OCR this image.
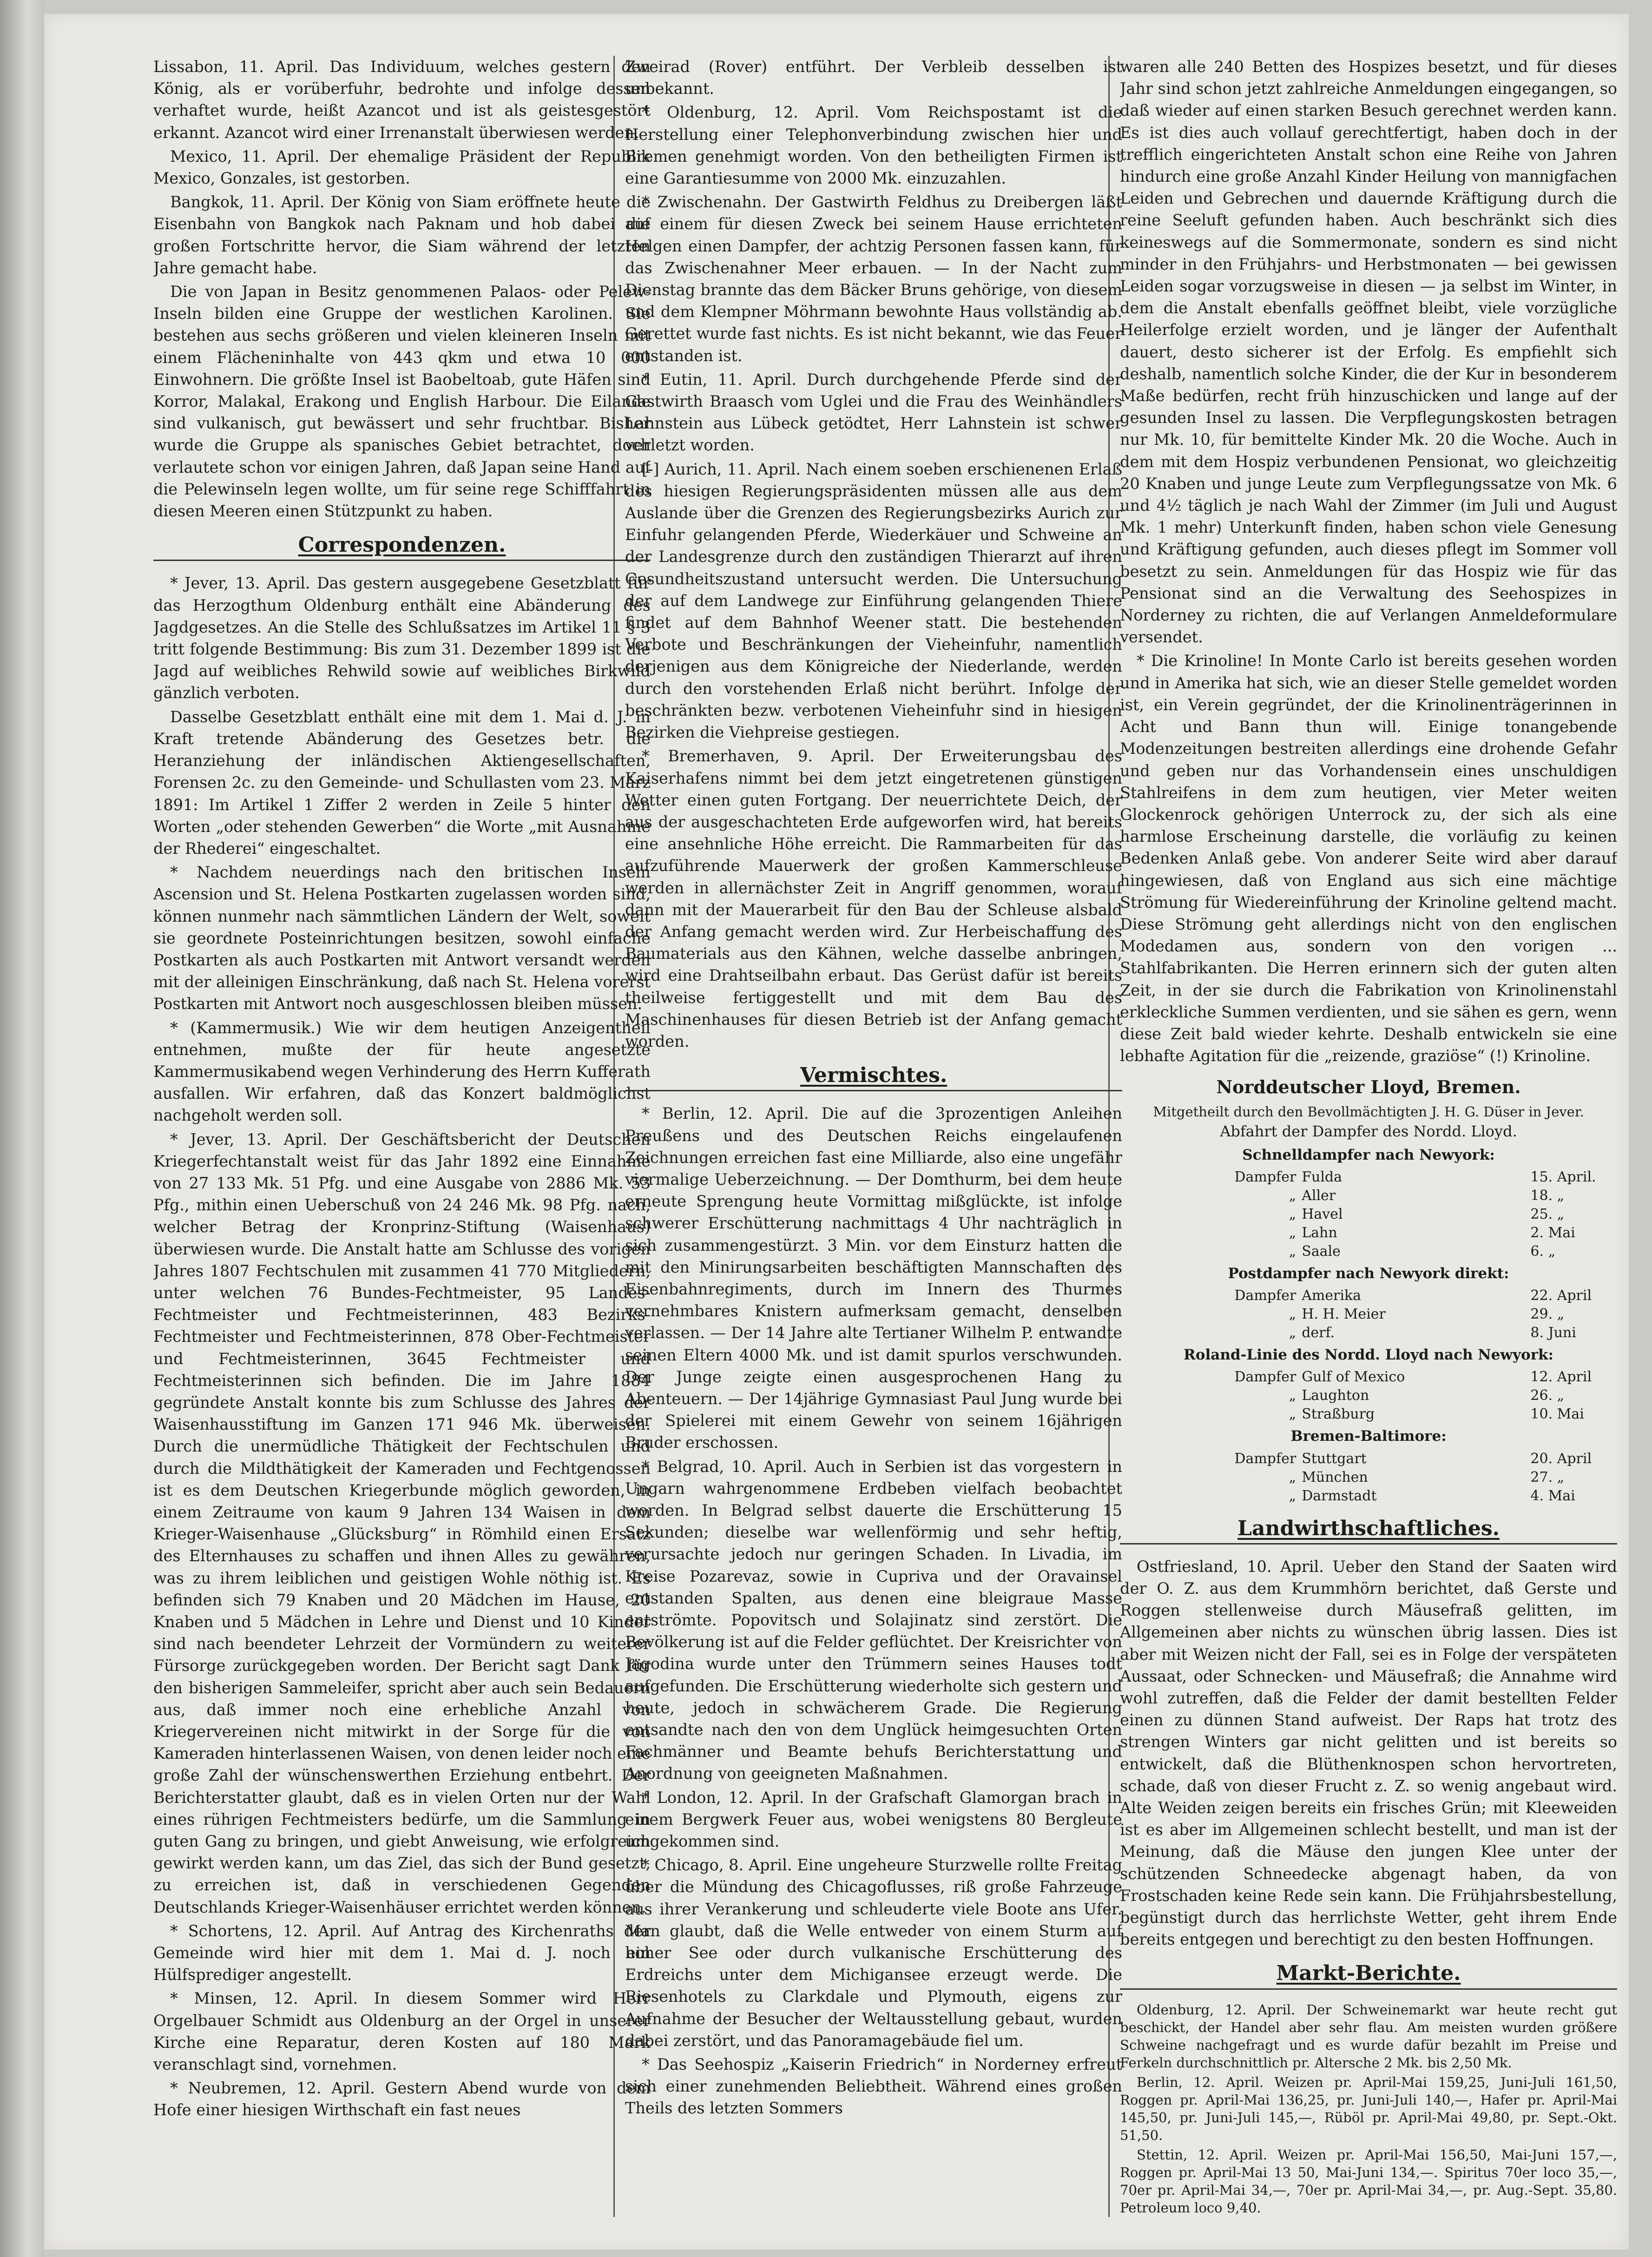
Lissabon, 11. April. Das Individuum, welches gestern den König, als er vorüberfuhr, bedrohte und infolge dessen verhaftet wurde, heißt Azancot und ist als geistesgestört erkannt. Azancot wird einer Irrenanstalt überwiesen werden.

Mexico, 11. April. Der ehemalige Präsident der Republik Mexico, Gonzales, ist gestorben.

Bangkok, 11. April. Der König von Siam eröffnete heute die Eisenbahn von Bangkok nach Paknam und hob dabei die großen Fortschritte hervor, die Siam während der letzten Jahre gemacht habe.

Die von Japan in Besitz genommenen Palaos- oder Pelew-Inseln bilden eine Gruppe der westlichen Karolinen. Sie bestehen aus sechs größeren und vielen kleineren Inseln mit einem Flächeninhalte von 443 qkm und etwa 10 000 Einwohnern. Die größte Insel ist Baobeltoab, gute Häfen sind Korror, Malakal, Erakong und English Harbour. Die Eilande sind vulkanisch, gut bewässert und sehr fruchtbar. Bisher wurde die Gruppe als spanisches Gebiet betrachtet, doch verlautete schon vor einigen Jahren, daß Japan seine Hand auf die Pelewinseln legen wollte, um für seine rege Schifffahrt in diesen Meeren einen Stützpunkt zu haben.

Correspondenzen.

* Jever, 13. April. Das gestern ausgegebene Gesetzblatt für das Herzogthum Oldenburg enthält eine Abänderung des Jagdgesetzes. An die Stelle des Schlußsatzes im Artikel 11 § 3 tritt folgende Bestimmung: Bis zum 31. Dezember 1899 ist die Jagd auf weibliches Rehwild sowie auf weibliches Birkwild gänzlich verboten.

Dasselbe Gesetzblatt enthält eine mit dem 1. Mai d. J. in Kraft tretende Abänderung des Gesetzes betr. die Heranziehung der inländischen Aktiengesellschaften, Forensen 2c. zu den Gemeinde- und Schullasten vom 23. März 1891: Im Artikel 1 Ziffer 2 werden in Zeile 5 hinter den Worten „oder stehenden Gewerben“ die Worte „mit Ausnahme der Rhederei“ eingeschaltet.

* Nachdem neuerdings nach den britischen Inseln Ascension und St. Helena Postkarten zugelassen worden sind, können nunmehr nach sämmtlichen Ländern der Welt, soweit sie geordnete Posteinrichtungen besitzen, sowohl einfache Postkarten als auch Postkarten mit Antwort versandt werden mit der alleinigen Einschränkung, daß nach St. Helena vorerst Postkarten mit Antwort noch ausgeschlossen bleiben müssen.

* (Kammermusik.) Wie wir dem heutigen Anzeigentheil entnehmen, mußte der für heute angesetzte Kammermusikabend wegen Verhinderung des Herrn Kufferath ausfallen. Wir erfahren, daß das Konzert baldmöglichst nachgeholt werden soll.

* Jever, 13. April. Der Geschäftsbericht der Deutschen Kriegerfechtanstalt weist für das Jahr 1892 eine Einnahme von 27 133 Mk. 51 Pfg. und eine Ausgabe von 2886 Mk. 53 Pfg., mithin einen Ueberschuß von 24 246 Mk. 98 Pfg. nach, welcher Betrag der Kronprinz-Stiftung (Waisenhaus) überwiesen wurde. Die Anstalt hatte am Schlusse des vorigen Jahres 1807 Fechtschulen mit zusammen 41 770 Mitgliedern, unter welchen 76 Bundes-Fechtmeister, 95 Landes-Fechtmeister und Fechtmeisterinnen, 483 Bezirks-Fechtmeister und Fechtmeisterinnen, 878 Ober-Fechtmeister und Fechtmeisterinnen, 3645 Fechtmeister und Fechtmeisterinnen sich befinden. Die im Jahre 1884 gegründete Anstalt konnte bis zum Schlusse des Jahres der Waisenhausstiftung im Ganzen 171 946 Mk. überweisen. Durch die unermüdliche Thätigkeit der Fechtschulen und durch die Mildthätigkeit der Kameraden und Fechtgenossen ist es dem Deutschen Kriegerbunde möglich geworden, in einem Zeitraume von kaum 9 Jahren 134 Waisen in dem Krieger-Waisenhause „Glücksburg“ in Römhild einen Ersatz des Elternhauses zu schaffen und ihnen Alles zu gewähren, was zu ihrem leiblichen und geistigen Wohle nöthig ist. Es befinden sich 79 Knaben und 20 Mädchen im Hause, 20 Knaben und 5 Mädchen in Lehre und Dienst und 10 Kinder sind nach beendeter Lehrzeit der Vormündern zu weiterer Fürsorge zurückgegeben worden. Der Bericht sagt Dank für den bisherigen Sammeleifer, spricht aber auch sein Bedauern aus, daß immer noch eine erhebliche Anzahl von Kriegervereinen nicht mitwirkt in der Sorge für die von Kameraden hinterlassenen Waisen, von denen leider noch eine große Zahl der wünschenswerthen Erziehung entbehrt. Der Berichterstatter glaubt, daß es in vielen Orten nur der Wahl eines rührigen Fechtmeisters bedürfe, um die Sammlung in guten Gang zu bringen, und giebt Anweisung, wie erfolgreich gewirkt werden kann, um das Ziel, das sich der Bund gesetzt, zu erreichen ist, daß in verschiedenen Gegenden Deutschlands Krieger-Waisenhäuser errichtet werden können.

* Schortens, 12. April. Auf Antrag des Kirchenraths der Gemeinde wird hier mit dem 1. Mai d. J. noch ein Hülfsprediger angestellt.

* Minsen, 12. April. In diesem Sommer wird Herr Orgelbauer Schmidt aus Oldenburg an der Orgel in unserer Kirche eine Reparatur, deren Kosten auf 180 Mark veranschlagt sind, vornehmen.

* Neubremen, 12. April. Gestern Abend wurde von dem Hofe einer hiesigen Wirthschaft ein fast neues

Zweirad (Rover) entführt. Der Verbleib desselben ist unbekannt.

* Oldenburg, 12. April. Vom Reichspostamt ist die Herstellung einer Telephonverbindung zwischen hier und Bremen genehmigt worden. Von den betheiligten Firmen ist eine Garantiesumme von 2000 Mk. einzuzahlen.

* Zwischenahn. Der Gastwirth Feldhus zu Dreibergen läßt auf einem für diesen Zweck bei seinem Hause errichteten Helgen einen Dampfer, der achtzig Personen fassen kann, für das Zwischenahner Meer erbauen. — In der Nacht zum Dienstag brannte das dem Bäcker Bruns gehörige, von diesem und dem Klempner Möhrmann bewohnte Haus vollständig ab. Gerettet wurde fast nichts. Es ist nicht bekannt, wie das Feuer entstanden ist.

* Eutin, 11. April. Durch durchgehende Pferde sind der Gastwirth Braasch vom Uglei und die Frau des Weinhändlers Lahnstein aus Lübeck getödtet, Herr Lahnstein ist schwer verletzt worden.

[-] Aurich, 11. April. Nach einem soeben erschienenen Erlaß des hiesigen Regierungspräsidenten müssen alle aus dem Auslande über die Grenzen des Regierungsbezirks Aurich zur Einfuhr gelangenden Pferde, Wiederkäuer und Schweine an der Landesgrenze durch den zuständigen Thierarzt auf ihren Gesundheitszustand untersucht werden. Die Untersuchung der auf dem Landwege zur Einführung gelangenden Thiere findet auf dem Bahnhof Weener statt. Die bestehenden Verbote und Beschränkungen der Vieheinfuhr, namentlich derjenigen aus dem Königreiche der Niederlande, werden durch den vorstehenden Erlaß nicht berührt. Infolge der beschränkten bezw. verbotenen Vieheinfuhr sind in hiesigen Bezirken die Viehpreise gestiegen.

* Bremerhaven, 9. April. Der Erweiterungsbau des Kaiserhafens nimmt bei dem jetzt eingetretenen günstigen Wetter einen guten Fortgang. Der neuerrichtete Deich, der aus der ausgeschachteten Erde aufgeworfen wird, hat bereits eine ansehnliche Höhe erreicht. Die Rammarbeiten für das aufzuführende Mauerwerk der großen Kammerschleuse werden in allernächster Zeit in Angriff genommen, worauf dann mit der Mauerarbeit für den Bau der Schleuse alsbald der Anfang gemacht werden wird. Zur Herbeischaffung des Baumaterials aus den Kähnen, welche dasselbe anbringen, wird eine Drahtseilbahn erbaut. Das Gerüst dafür ist bereits theilweise fertiggestellt und mit dem Bau des Maschinenhauses für diesen Betrieb ist der Anfang gemacht worden.

Vermischtes.

* Berlin, 12. April. Die auf die 3prozentigen Anleihen Preußens und des Deutschen Reichs eingelaufenen Zeichnungen erreichen fast eine Milliarde, also eine ungefähr viermalige Ueberzeichnung. — Der Domthurm, bei dem heute erneute Sprengung heute Vormittag mißglückte, ist infolge schwerer Erschütterung nachmittags 4 Uhr nachträglich in sich zusammengestürzt. 3 Min. vor dem Einsturz hatten die mit den Minirungsarbeiten beschäftigten Mannschaften des Eisenbahnregiments, durch im Innern des Thurmes vernehmbares Knistern aufmerksam gemacht, denselben verlassen. — Der 14 Jahre alte Tertianer Wilhelm P. entwandte seinen Eltern 4000 Mk. und ist damit spurlos verschwunden. Der Junge zeigte einen ausgesprochenen Hang zu Abenteuern. — Der 14jährige Gymnasiast Paul Jung wurde bei der Spielerei mit einem Gewehr von seinem 16jährigen Bruder erschossen.

* Belgrad, 10. April. Auch in Serbien ist das vorgestern in Ungarn wahrgenommene Erdbeben vielfach beobachtet worden. In Belgrad selbst dauerte die Erschütterung 15 Sekunden; dieselbe war wellenförmig und sehr heftig, verursachte jedoch nur geringen Schaden. In Livadia, im Kreise Pozarevaz, sowie in Cupriva und der Oravainsel entstanden Spalten, aus denen eine bleigraue Masse entströmte. Popovitsch und Solajinatz sind zerstört. Die Bevölkerung ist auf die Felder geflüchtet. Der Kreisrichter von Jagodina wurde unter den Trümmern seines Hauses todt aufgefunden. Die Erschütterung wiederholte sich gestern und heute, jedoch in schwächerem Grade. Die Regierung entsandte nach den von dem Unglück heimgesuchten Orten Fachmänner und Beamte behufs Berichterstattung und Anordnung von geeigneten Maßnahmen.

* London, 12. April. In der Grafschaft Glamorgan brach in einem Bergwerk Feuer aus, wobei wenigstens 80 Bergleute umgekommen sind.

* Chicago, 8. April. Eine ungeheure Sturzwelle rollte Freitag über die Mündung des Chicagoflusses, riß große Fahrzeuge aus ihrer Verankerung und schleuderte viele Boote ans Ufer. Man glaubt, daß die Welle entweder von einem Sturm auf hoher See oder durch vulkanische Erschütterung des Erdreichs unter dem Michigansee erzeugt werde. Die Riesenhotels zu Clarkdale und Plymouth, eigens zur Aufnahme der Besucher der Weltausstellung gebaut, wurden dabei zerstört, und das Panoramagebäude fiel um.

* Das Seehospiz „Kaiserin Friedrich“ in Norderney erfreut sich einer zunehmenden Beliebtheit. Während eines großen Theils des letzten Sommers

waren alle 240 Betten des Hospizes besetzt, und für dieses Jahr sind schon jetzt zahlreiche Anmeldungen eingegangen, so daß wieder auf einen starken Besuch gerechnet werden kann. Es ist dies auch vollauf gerechtfertigt, haben doch in der trefflich eingerichteten Anstalt schon eine Reihe von Jahren hindurch eine große Anzahl Kinder Heilung von mannigfachen Leiden und Gebrechen und dauernde Kräftigung durch die reine Seeluft gefunden haben. Auch beschränkt sich dies keineswegs auf die Sommermonate, sondern es sind nicht minder in den Frühjahrs- und Herbstmonaten — bei gewissen Leiden sogar vorzugsweise in diesen — ja selbst im Winter, in dem die Anstalt ebenfalls geöffnet bleibt, viele vorzügliche Heilerfolge erzielt worden, und je länger der Aufenthalt dauert, desto sicherer ist der Erfolg. Es empfiehlt sich deshalb, namentlich solche Kinder, die der Kur in besonderem Maße bedürfen, recht früh hinzuschicken und lange auf der gesunden Insel zu lassen. Die Verpflegungskosten betragen nur Mk. 10, für bemittelte Kinder Mk. 20 die Woche. Auch in dem mit dem Hospiz verbundenen Pensionat, wo gleichzeitig 20 Knaben und junge Leute zum Verpflegungssatze von Mk. 6 und 4½ täglich je nach Wahl der Zimmer (im Juli und August Mk. 1 mehr) Unterkunft finden, haben schon viele Genesung und Kräftigung gefunden, auch dieses pflegt im Sommer voll besetzt zu sein. Anmeldungen für das Hospiz wie für das Pensionat sind an die Verwaltung des Seehospizes in Norderney zu richten, die auf Verlangen Anmeldeformulare versendet.

* Die Krinoline! In Monte Carlo ist bereits gesehen worden und in Amerika hat sich, wie an dieser Stelle gemeldet worden ist, ein Verein gegründet, der die Krinolinenträgerinnen in Acht und Bann thun will. Einige tonangebende Modenzeitungen bestreiten allerdings eine drohende Gefahr und geben nur das Vorhandensein eines unschuldigen Stahlreifens in dem zum heutigen, vier Meter weiten Glockenrock gehörigen Unterrock zu, der sich als eine harmlose Erscheinung darstelle, die vorläufig zu keinen Bedenken Anlaß gebe. Von anderer Seite wird aber darauf hingewiesen, daß von England aus sich eine mächtige Strömung für Wiedereinführung der Krinoline geltend macht. Diese Strömung geht allerdings nicht von den englischen Modedamen aus, sondern von den vorigen ... Stahlfabrikanten. Die Herren erinnern sich der guten alten Zeit, in der sie durch die Fabrikation von Krinolinenstahl erkleckliche Summen verdienten, und sie sähen es gern, wenn diese Zeit bald wieder kehrte. Deshalb entwickeln sie eine lebhafte Agitation für die „reizende, graziöse“ (!) Krinoline.

Norddeutscher Lloyd, Bremen.
Mitgetheilt durch den Bevollmächtigten J. H. G. Düser in Jever.
Abfahrt der Dampfer des Nordd. Lloyd.
Schnelldampfer nach Newyork:
Dampfer	Fulda	15. April.
„	Aller	18. „
„	Havel	25. „
„	Lahn	2. Mai
„	Saale	6. „
Postdampfer nach Newyork direkt:
Dampfer	Amerika	22. April
„	H. H. Meier	29. „
„	derf.	8. Juni
Roland-Linie des Nordd. Lloyd nach Newyork:
Dampfer	Gulf of Mexico	12. April
„	Laughton	26. „
„	Straßburg	10. Mai
Bremen-Baltimore:
Dampfer	Stuttgart	20. April
„	München	27. „
„	Darmstadt	4. Mai
Landwirthschaftliches.

Ostfriesland, 10. April. Ueber den Stand der Saaten wird der O. Z. aus dem Krummhörn berichtet, daß Gerste und Roggen stellenweise durch Mäusefraß gelitten, im Allgemeinen aber nichts zu wünschen übrig lassen. Dies ist aber mit Weizen nicht der Fall, sei es in Folge der verspäteten Aussaat, oder Schnecken- und Mäusefraß; die Annahme wird wohl zutreffen, daß die Felder der damit bestellten Felder einen zu dünnen Stand aufweist. Der Raps hat trotz des strengen Winters gar nicht gelitten und ist bereits so entwickelt, daß die Blüthenknospen schon hervortreten, schade, daß von dieser Frucht z. Z. so wenig angebaut wird. Alte Weiden zeigen bereits ein frisches Grün; mit Kleeweiden ist es aber im Allgemeinen schlecht bestellt, und man ist der Meinung, daß die Mäuse den jungen Klee unter der schützenden Schneedecke abgenagt haben, da von Frostschaden keine Rede sein kann. Die Frühjahrsbestellung, begünstigt durch das herrlichste Wetter, geht ihrem Ende bereits entgegen und berechtigt zu den besten Hoffnungen.

Markt-Berichte.

Oldenburg, 12. April. Der Schweinemarkt war heute recht gut beschickt, der Handel aber sehr flau. Am meisten wurden größere Schweine nachgefragt und es wurde dafür bezahlt im Preise und Ferkeln durchschnittlich pr. Altersche 2 Mk. bis 2,50 Mk.

Berlin, 12. April. Weizen pr. April-Mai 159,25, Juni-Juli 161,50, Roggen pr. April-Mai 136,25, pr. Juni-Juli 140,—, Hafer pr. April-Mai 145,50, pr. Juni-Juli 145,—, Rüböl pr. April-Mai 49,80, pr. Sept.-Okt. 51,50.

Stettin, 12. April. Weizen pr. April-Mai 156,50, Mai-Juni 157,—, Roggen pr. April-Mai 13 50, Mai-Juni 134,—. Spiritus 70er loco 35,—, 70er pr. April-Mai 34,—, 70er pr. April-Mai 34,—, pr. Aug.-Sept. 35,80. Petroleum loco 9,40.
